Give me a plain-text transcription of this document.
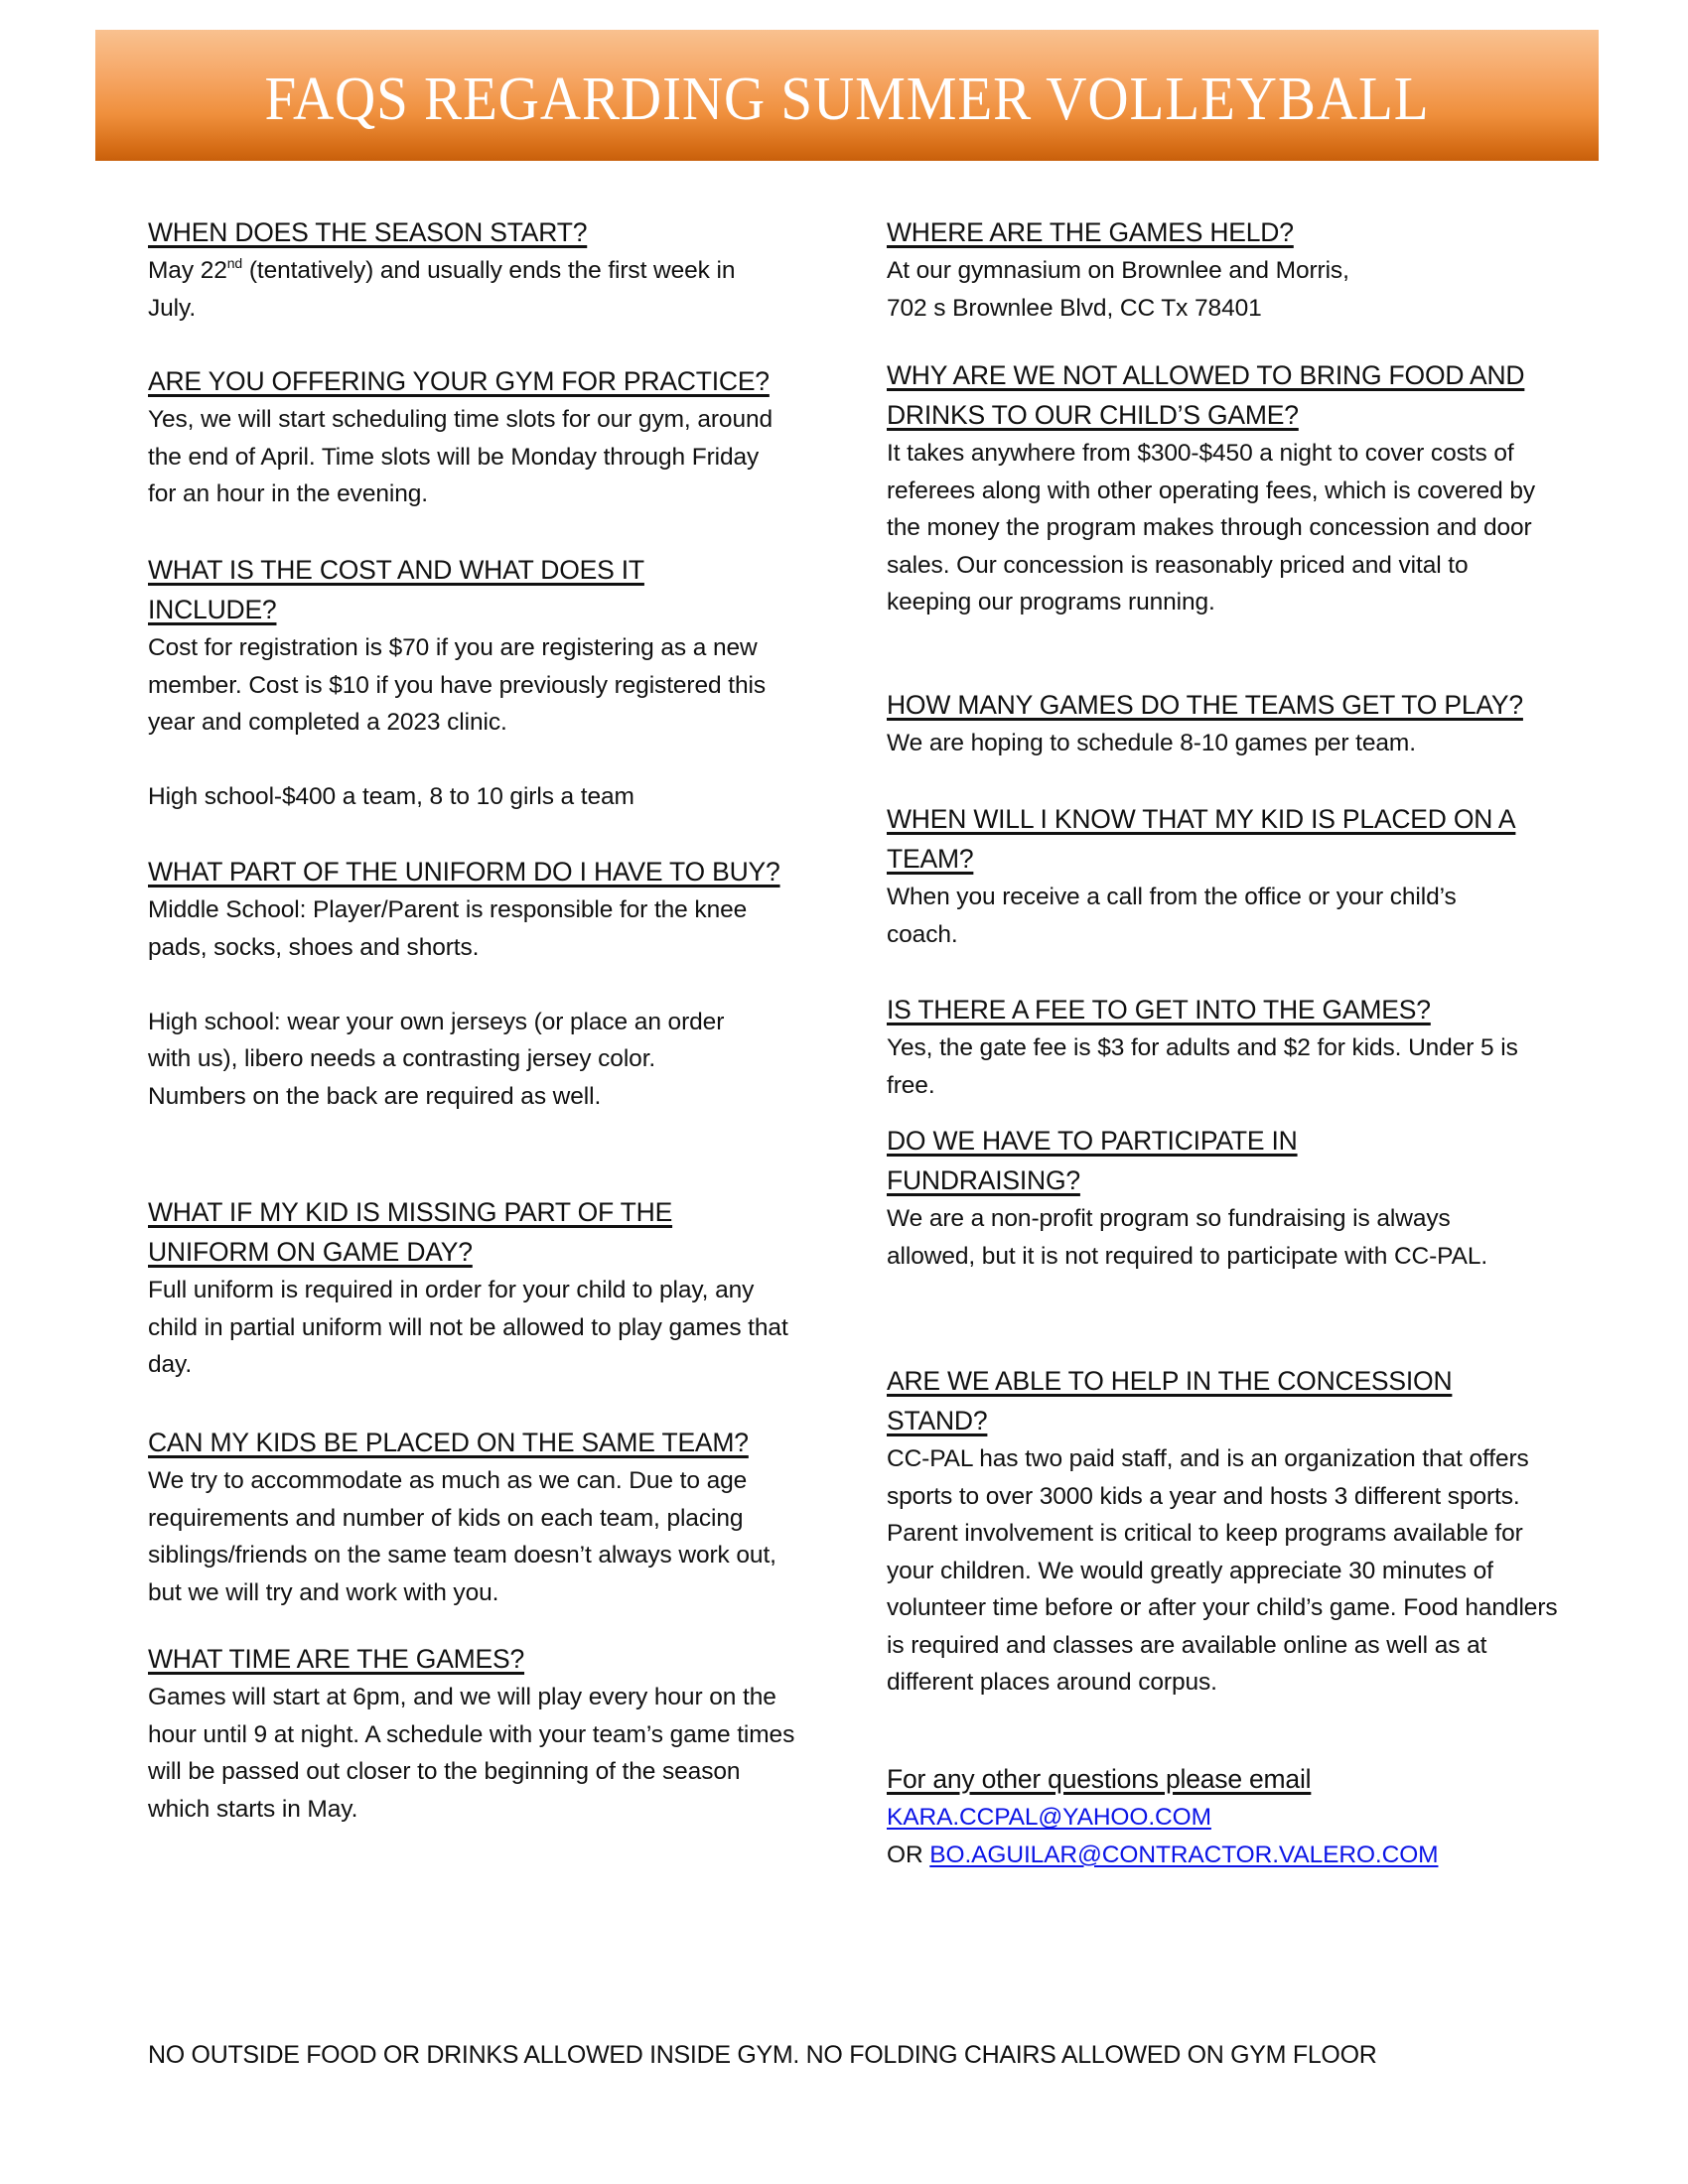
FAQS REGARDING SUMMER VOLLEYBALL
WHEN DOES THE SEASON START?

May 22nd (tentatively) and usually ends the first week in July.

ARE YOU OFFERING YOUR GYM FOR PRACTICE?

Yes, we will start scheduling time slots for our gym, around the end of April. Time slots will be Monday through Friday for an hour in the evening.

WHAT IS THE COST AND WHAT DOES IT INCLUDE?

Cost for registration is $70 if you are registering as a new member. Cost is $10 if you have previously registered this year and completed a 2023 clinic.

High school-$400 a team, 8 to 10 girls a team

WHAT PART OF THE UNIFORM DO I HAVE TO BUY?

Middle School: Player/Parent is responsible for the knee pads, socks, shoes and shorts.

High school: wear your own jerseys (or place an order with us), libero needs a contrasting jersey color. Numbers on the back are required as well.

WHAT IF MY KID IS MISSING PART OF THE UNIFORM ON GAME DAY?

Full uniform is required in order for your child to play, any child in partial uniform will not be allowed to play games that day.

CAN MY KIDS BE PLACED ON THE SAME TEAM?

We try to accommodate as much as we can. Due to age requirements and number of kids on each team, placing siblings/friends on the same team doesn’t always work out, but we will try and work with you.

WHAT TIME ARE THE GAMES?

Games will start at 6pm, and we will play every hour on the hour until 9 at night. A schedule with your team’s game times will be passed out closer to the beginning of the season which starts in May.

WHERE ARE THE GAMES HELD?

At our gymnasium on Brownlee and Morris,

702 s Brownlee Blvd, CC Tx 78401

WHY ARE WE NOT ALLOWED TO BRING FOOD AND DRINKS TO OUR CHILD’S GAME?

It takes anywhere from $300-$450 a night to cover costs of referees along with other operating fees, which is covered by the money the program makes through concession and door sales. Our concession is reasonably priced and vital to keeping our programs running.

HOW MANY GAMES DO THE TEAMS GET TO PLAY?

We are hoping to schedule 8-10 games per team.

WHEN WILL I KNOW THAT MY KID IS PLACED ON A TEAM?

When you receive a call from the office or your child’s coach.

IS THERE A FEE TO GET INTO THE GAMES?

Yes, the gate fee is $3 for adults and $2 for kids. Under 5 is free.

DO WE HAVE TO PARTICIPATE IN FUNDRAISING?

We are a non-profit program so fundraising is always allowed, but it is not required to participate with CC-PAL.

ARE WE ABLE TO HELP IN THE CONCESSION STAND?

CC-PAL has two paid staff, and is an organization that offers sports to over 3000 kids a year and hosts 3 different sports. Parent involvement is critical to keep programs available for your children. We would greatly appreciate 30 minutes of volunteer time before or after your child’s game. Food handlers is required and classes are available online as well as at different places around corpus.

For any other questions please email

KARA.CCPAL@YAHOO.COM

OR BO.AGUILAR@CONTRACTOR.VALERO.COM

NO OUTSIDE FOOD OR DRINKS ALLOWED INSIDE GYM. NO FOLDING CHAIRS ALLOWED ON GYM FLOOR
